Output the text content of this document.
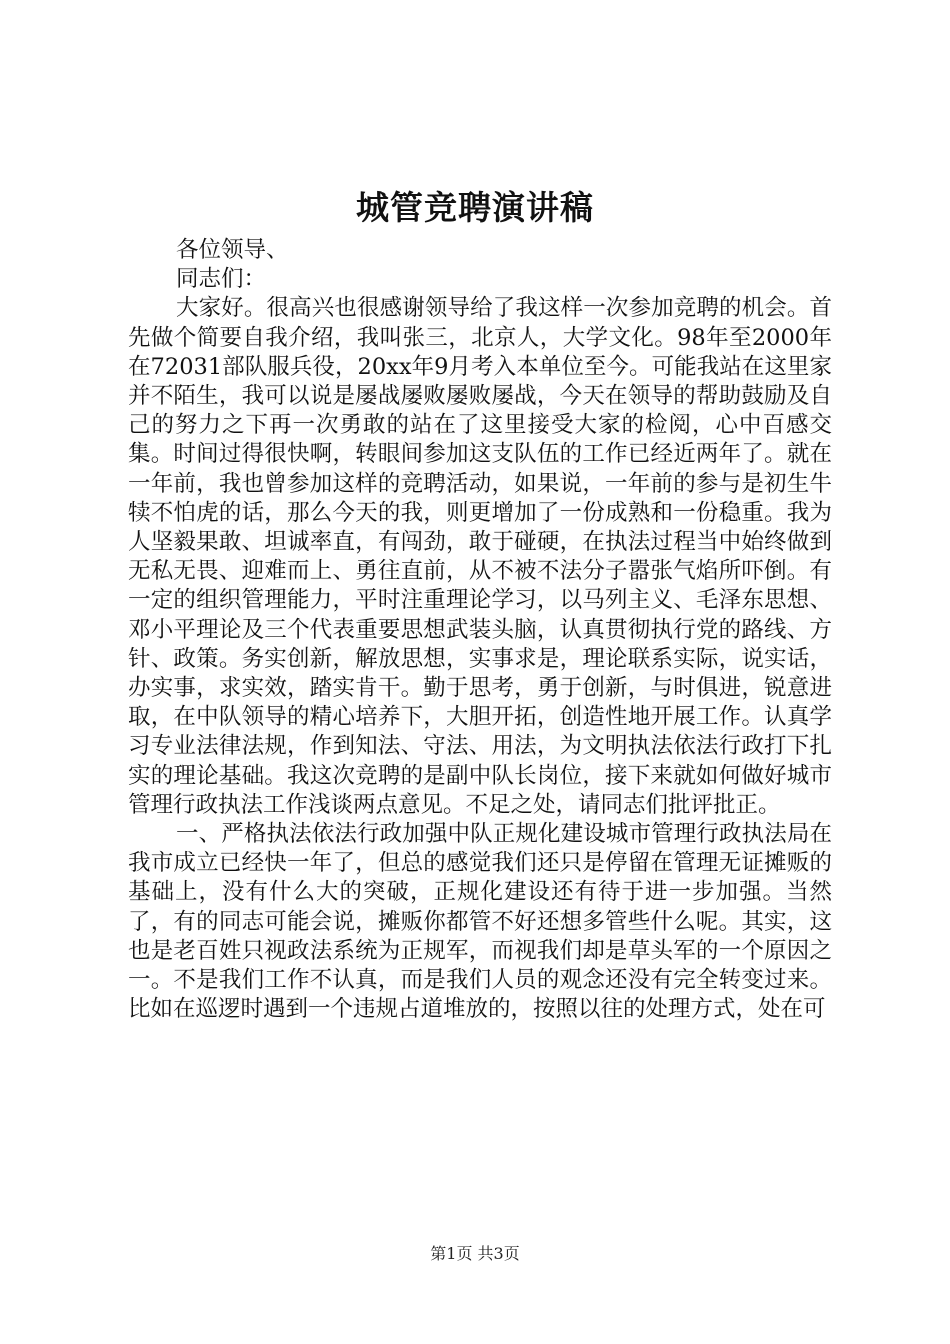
城管竞聘演讲稿

各位领导、

同志们：

大家好。很高兴也很感谢领导给了我这样一次参加竞聘的机会。首先做个简要自我介绍，我叫张三，北京人，大学文化。98年至2000年在72031部队服兵役，20xx年9月考入本单位至今。可能我站在这里家并不陌生，我可以说是屡战屡败屡败屡战，今天在领导的帮助鼓励及自己的努力之下再一次勇敢的站在了这里接受大家的检阅，心中百感交集。时间过得很快啊，转眼间参加这支队伍的工作已经近两年了。就在一年前，我也曾参加这样的竞聘活动，如果说，一年前的参与是初生牛犊不怕虎的话，那么今天的我，则更增加了一份成熟和一份稳重。我为人坚毅果敢、坦诚率直，有闯劲，敢于碰硬，在执法过程当中始终做到无私无畏、迎难而上、勇往直前，从不被不法分子嚣张气焰所吓倒。有一定的组织管理能力，平时注重理论学习，以马列主义、毛泽东思想、邓小平理论及三个代表重要思想武装头脑，认真贯彻执行党的路线、方针、政策。务实创新，解放思想，实事求是，理论联系实际，说实话，办实事，求实效，踏实肯干。勤于思考，勇于创新，与时俱进，锐意进取，在中队领导的精心培养下，大胆开拓，创造性地开展工作。认真学习专业法律法规，作到知法、守法、用法，为文明执法依法行政打下扎实的理论基础。我这次竞聘的是副中队长岗位，接下来就如何做好城市管理行政执法工作浅谈两点意见。不足之处，请同志们批评批正。

一、严格执法依法行政加强中队正规化建设城市管理行政执法局在我市成立已经快一年了，但总的感觉我们还只是停留在管理无证摊贩的基础上，没有什么大的突破，正规化建设还有待于进一步加强。当然了，有的同志可能会说，摊贩你都管不好还想多管些什么呢。其实，这也是老百姓只视政法系统为正规军，而视我们却是草头军的一个原因之一。不是我们工作不认真，而是我们人员的观念还没有完全转变过来。比如在巡逻时遇到一个违规占道堆放的，按照以往的处理方式，处在可

第1页 共3页
